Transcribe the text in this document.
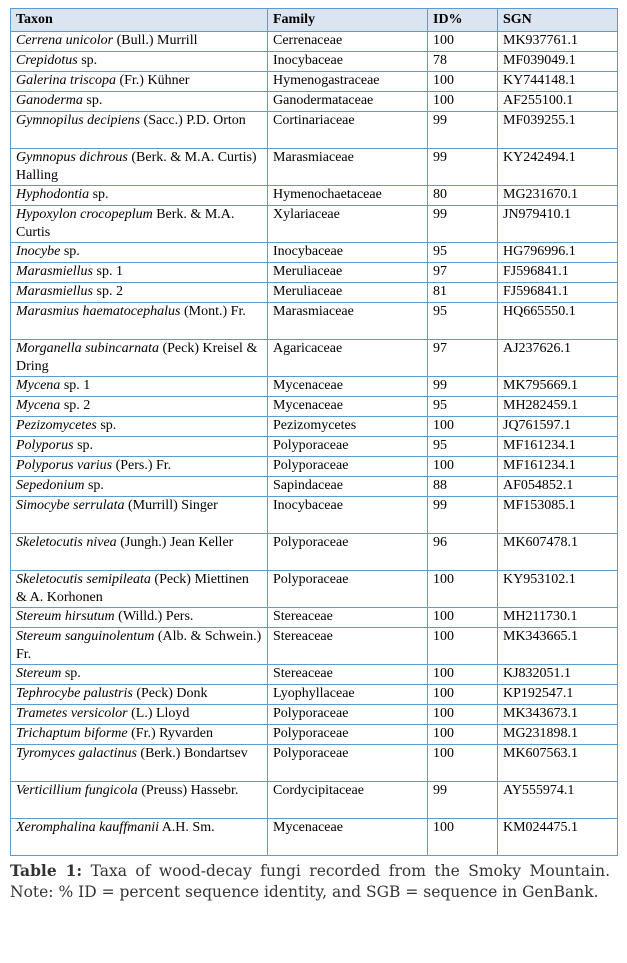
Taxon	Family	ID%	SGN
Cerrena unicolor (Bull.) Murrill	Cerrenaceae	100	MK937761.1
Crepidotus sp.	Inocybaceae	78	MF039049.1
Galerina triscopa (Fr.) Kühner	Hymenogastraceae	100	KY744148.1
Ganoderma sp.	Ganodermataceae	100	AF255100.1
Gymnopilus decipiens (Sacc.) P.D. Orton	Cortinariaceae	99	MF039255.1
Gymnopus dichrous (Berk. & M.A. Curtis) Halling	Marasmiaceae	99	KY242494.1
Hyphodontia sp.	Hymenochaetaceae	80	MG231670.1
Hypoxylon crocopeplum Berk. & M.A. Curtis	Xylariaceae	99	JN979410.1
Inocybe sp.	Inocybaceae	95	HG796996.1
Marasmiellus sp. 1	Meruliaceae	97	FJ596841.1
Marasmiellus sp. 2	Meruliaceae	81	FJ596841.1
Marasmius haematocephalus (Mont.) Fr.	Marasmiaceae	95	HQ665550.1
Morganella subincarnata (Peck) Kreisel & Dring	Agaricaceae	97	AJ237626.1
Mycena sp. 1	Mycenaceae	99	MK795669.1
Mycena sp. 2	Mycenaceae	95	MH282459.1
Pezizomycetes sp.	Pezizomycetes	100	JQ761597.1
Polyporus sp.	Polyporaceae	95	MF161234.1
Polyporus varius (Pers.) Fr.	Polyporaceae	100	MF161234.1
Sepedonium sp.	Sapindaceae	88	AF054852.1
Simocybe serrulata (Murrill) Singer	Inocybaceae	99	MF153085.1
Skeletocutis nivea (Jungh.) Jean Keller	Polyporaceae	96	MK607478.1
Skeletocutis semipileata (Peck) Miettinen & A. Korhonen	Polyporaceae	100	KY953102.1
Stereum hirsutum (Willd.) Pers.	Stereaceae	100	MH211730.1
Stereum sanguinolentum (Alb. & Schwein.) Fr.	Stereaceae	100	MK343665.1
Stereum sp.	Stereaceae	100	KJ832051.1
Tephrocybe palustris (Peck) Donk	Lyophyllaceae	100	KP192547.1
Trametes versicolor (L.) Lloyd	Polyporaceae	100	MK343673.1
Trichaptum biforme (Fr.) Ryvarden	Polyporaceae	100	MG231898.1
Tyromyces galactinus (Berk.) Bondartsev	Polyporaceae	100	MK607563.1
Verticillium fungicola (Preuss) Hassebr.	Cordycipitaceae	99	AY555974.1
Xeromphalina kauffmanii A.H. Sm.	Mycenaceae	100	KM024475.1
Table 1: Taxa of wood-decay fungi recorded from the Smoky Mountain. Note: % ID = percent sequence identity, and SGB = sequence in GenBank.
